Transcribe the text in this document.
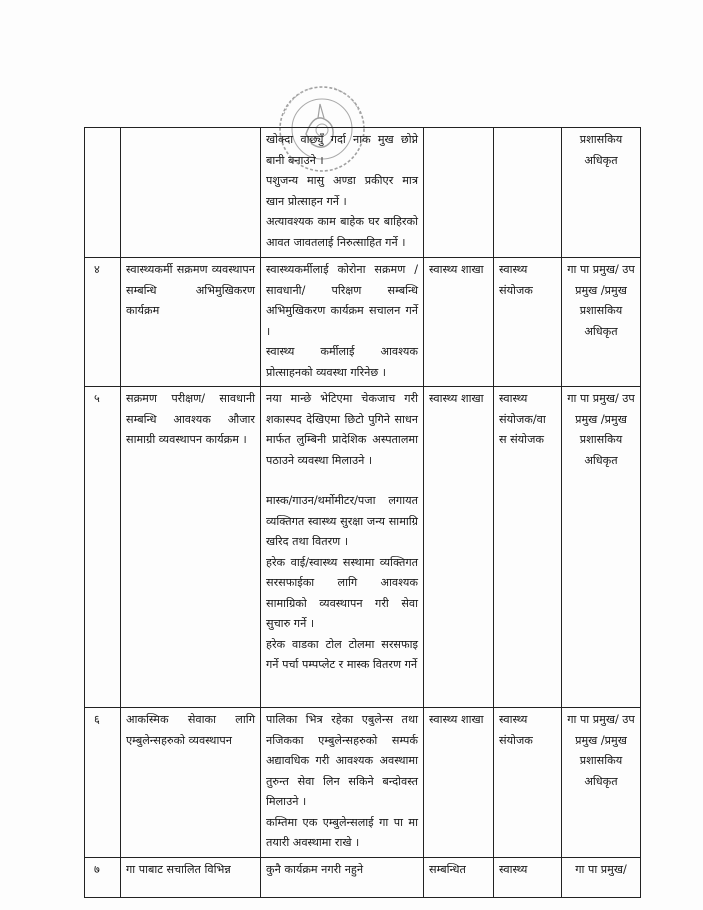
		खोक्दा वाछ्युँ गर्दा नाक मुख छोप्ने बानी बनाउने ।
पशुजन्य मासु अण्डा प्रकीएर मात्र खान प्रोत्साहन गर्ने ।
अत्यावश्यक काम बाहेक घर बाहिरको आवत जावतलाई निरुत्साहित गर्ने ।			प्रशासकिय अधिकृत
४	स्वास्थ्यकर्मी सक्रमण व्यवस्थापन सम्बन्धि अभिमुखिकरण कार्यक्रम	स्वास्थ्यकर्मीलाई कोरोना सक्रमण /सावधानी/ परिक्षण सम्बन्धि अभिमुखिकरण कार्यक्रम सचालन गर्ने ।
स्वास्थ्य कर्मीलाई आवश्यक प्रोत्साहनको व्यवस्था गरिनेछ ।	स्वास्थ्य शाखा	स्वास्थ्य संयोजक	गा पा प्रमुख/ उप प्रमुख /प्रमुख प्रशासकिय अधिकृत
५	सक्रमण परीक्षण/ सावधानी सम्बन्धि आवश्यक औजार सामाग्री व्यवस्थापन कार्यक्रम ।	नया मान्छे भेटिएमा चेकजाच गरी शकास्पद देखिएमा छिटो पुगिने साधन मार्फत लुम्बिनी प्रादेशिक अस्पतालमा पठाउने व्यवस्था मिलाउने ।
मास्क/गाउन/थर्मोमीटर/पजा लगायत व्यक्तिगत स्वास्थ्य सुरक्षा जन्य सामाग्रि खरिद तथा वितरण ।
हरेक वाई/स्वास्थ्य सस्थामा व्यक्तिगत सरसफाईका लागि आवश्यक सामाग्रिको व्यवस्थापन गरी सेवा सुचारु गर्ने ।
हरेक वाडका टोल टोलमा सरसफाइ गर्ने पर्चा पम्पप्लेट र मास्क वितरण गर्ने	स्वास्थ्य शाखा	स्वास्थ्य संयोजक/वा स संयोजक	गा पा प्रमुख/ उप प्रमुख /प्रमुख प्रशासकिय अधिकृत
६	आकस्मिक सेवाका लागि एम्बुलेन्सहरुको व्यवस्थापन	पालिका भित्र रहेका एबुलेन्स तथा नजिकका एम्बुलेन्सहरुको सम्पर्क अद्यावधिक गरी आवश्यक अवस्थामा तुरुन्त सेवा लिन सकिने बन्दोवस्त मिलाउने ।
कम्तिमा एक एम्बुलेन्सलाई गा पा मा तयारी अवस्थामा राखे ।	स्वास्थ्य शाखा	स्वास्थ्य संयोजक	गा पा प्रमुख/ उप प्रमुख /प्रमुख प्रशासकिय अधिकृत
७	गा पाबाट सचालित विभिन्न	कुनै कार्यक्रम नगरी नहुने	सम्बन्धित	स्वास्थ्य	गा पा प्रमुख/
